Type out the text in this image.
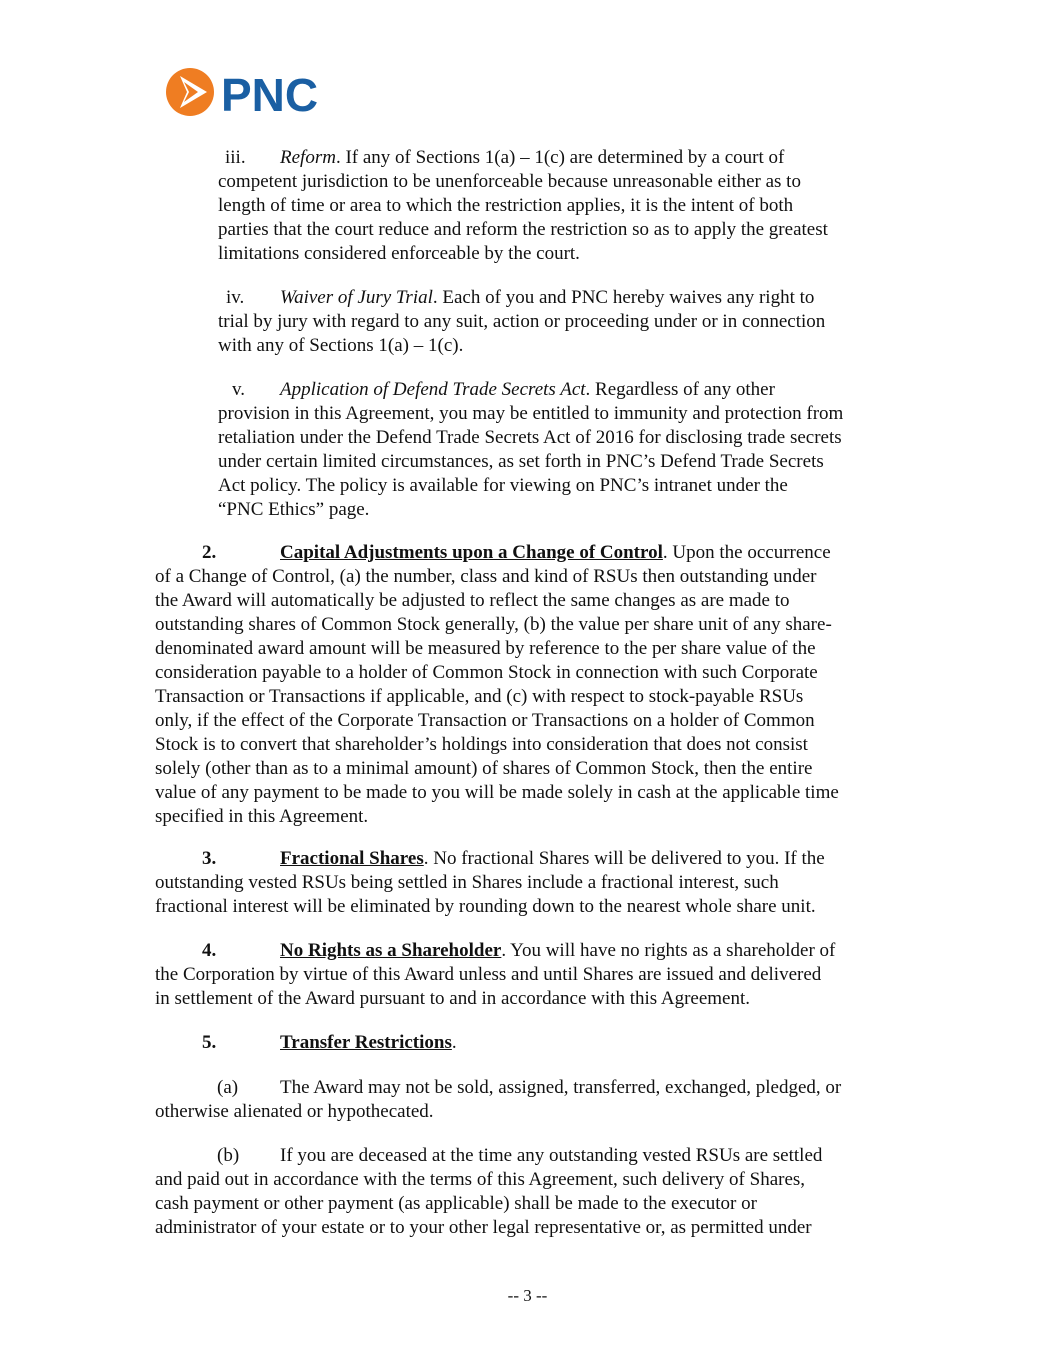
PNC
iii. Reform. If any of Sections 1(a) – 1(c) are determined by a court of
competent jurisdiction to be unenforceable because unreasonable either as to
length of time or area to which the restriction applies, it is the intent of both
parties that the court reduce and reform the restriction so as to apply the greatest
limitations considered enforceable by the court.
iv. Waiver of Jury Trial. Each of you and PNC hereby waives any right to
trial by jury with regard to any suit, action or proceeding under or in connection
with any of Sections 1(a) – 1(c).
v. Application of Defend Trade Secrets Act. Regardless of any other
provision in this Agreement, you may be entitled to immunity and protection from
retaliation under the Defend Trade Secrets Act of 2016 for disclosing trade secrets
under certain limited circumstances, as set forth in PNC’s Defend Trade Secrets
Act policy. The policy is available for viewing on PNC’s intranet under the
“PNC Ethics” page.
2.	Capital Adjustments upon a Change of Control. Upon the occurrence
of a Change of Control, (a) the number, class and kind of RSUs then outstanding under
the Award will automatically be adjusted to reflect the same changes as are made to
outstanding shares of Common Stock generally, (b) the value per share unit of any share-
denominated award amount will be measured by reference to the per share value of the
consideration payable to a holder of Common Stock in connection with such Corporate
Transaction or Transactions if applicable, and (c) with respect to stock-payable RSUs
only, if the effect of the Corporate Transaction or Transactions on a holder of Common
Stock is to convert that shareholder’s holdings into consideration that does not consist
solely (other than as to a minimal amount) of shares of Common Stock, then the entire
value of any payment to be made to you will be made solely in cash at the applicable time
specified in this Agreement.
3.	Fractional Shares. No fractional Shares will be delivered to you. If the
outstanding vested RSUs being settled in Shares include a fractional interest, such
fractional interest will be eliminated by rounding down to the nearest whole share unit.
4.	No Rights as a Shareholder. You will have no rights as a shareholder of
the Corporation by virtue of this Award unless and until Shares are issued and delivered
in settlement of the Award pursuant to and in accordance with this Agreement.
5.	Transfer Restrictions.
(a) The Award may not be sold, assigned, transferred, exchanged, pledged, or
otherwise alienated or hypothecated.
(b) If you are deceased at the time any outstanding vested RSUs are settled
and paid out in accordance with the terms of this Agreement, such delivery of Shares,
cash payment or other payment (as applicable) shall be made to the executor or
administrator of your estate or to your other legal representative or, as permitted under
-- 3 --
